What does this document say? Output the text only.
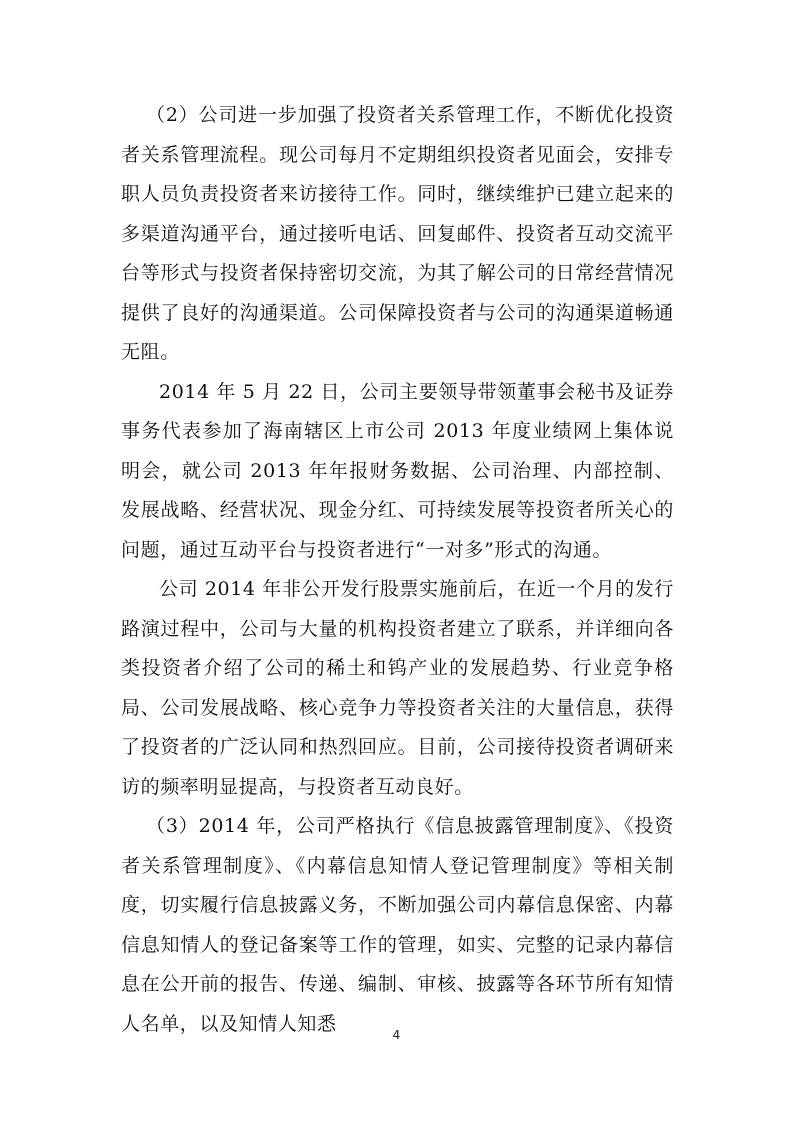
（2）公司进一步加强了投资者关系管理工作，不断优化投资者关系管理流程。现公司每月不定期组织投资者见面会，安排专职人员负责投资者来访接待工作。同时，继续维护已建立起来的多渠道沟通平台，通过接听电话、回复邮件、投资者互动交流平台等形式与投资者保持密切交流，为其了解公司的日常经营情况提供了良好的沟通渠道。公司保障投资者与公司的沟通渠道畅通无阻。

2014 年 5 月 22 日，公司主要领导带领董事会秘书及证券事务代表参加了海南辖区上市公司 2013 年度业绩网上集体说明会，就公司 2013 年年报财务数据、公司治理、内部控制、发展战略、经营状况、现金分红、可持续发展等投资者所关心的问题，通过互动平台与投资者进行“一对多”形式的沟通。

公司 2014 年非公开发行股票实施前后，在近一个月的发行路演过程中，公司与大量的机构投资者建立了联系，并详细向各类投资者介绍了公司的稀土和钨产业的发展趋势、行业竞争格局、公司发展战略、核心竞争力等投资者关注的大量信息，获得了投资者的广泛认同和热烈回应。目前，公司接待投资者调研来访的频率明显提高，与投资者互动良好。

（3）2014 年，公司严格执行《信息披露管理制度》、《投资者关系管理制度》、《内幕信息知情人登记管理制度》等相关制度，切实履行信息披露义务，不断加强公司内幕信息保密、内幕信息知情人的登记备案等工作的管理，如实、完整的记录内幕信息在公开前的报告、传递、编制、审核、披露等各环节所有知情人名单，以及知情人知悉

4
